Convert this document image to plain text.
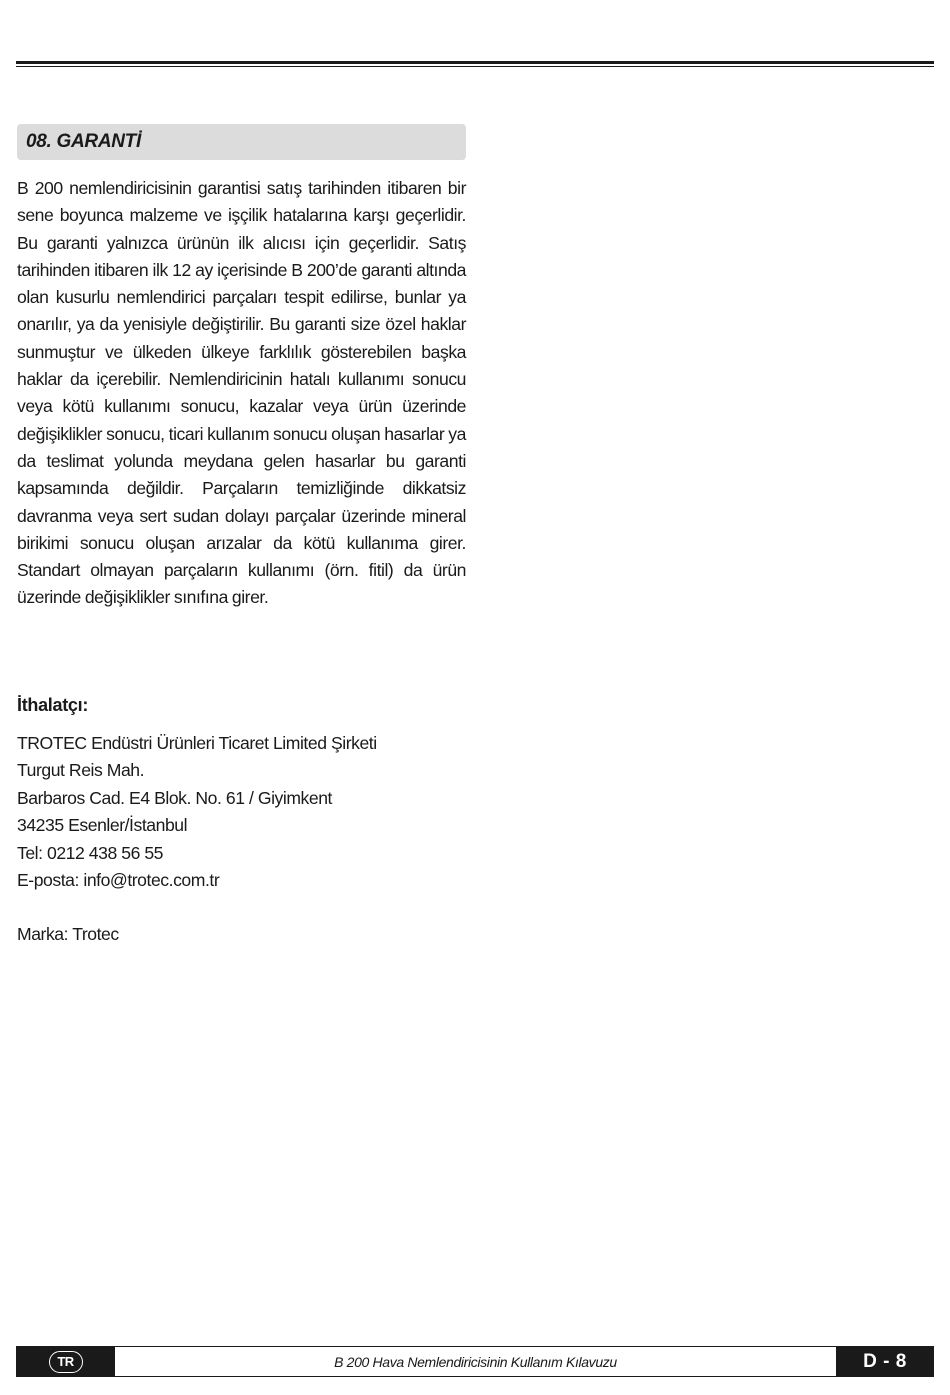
08. GARANTİ

B 200 nemlendiricisinin garantisi satış tarihinden itibaren bir sene boyunca malzeme ve işçilik hatalarına karşı geçerlidir. Bu garanti yalnızca ürünün ilk alıcısı için geçerlidir. Satış tarihinden itibaren ilk 12 ay içerisinde B 200’de garanti altında olan kusurlu nemlendirici parçaları tespit edilirse, bunlar ya onarılır, ya da yenisiyle değiştirilir. Bu garanti size özel haklar sunmuştur ve ülkeden ülkeye farklılık gösterebilen başka haklar da içerebilir. Nemlendiricinin hatalı kullanımı sonucu veya kötü kullanımı sonucu, kazalar veya ürün üzerinde değişiklikler sonucu, ticari kullanım sonucu oluşan hasarlar ya da teslimat yolunda meydana gelen hasarlar bu garanti kapsamında değildir. Parçaların temizliğinde dikkatsiz davranma veya sert sudan dolayı parçalar üzerinde mineral birikimi sonucu oluşan arızalar da kötü kullanıma girer. Standart olmayan parçaların kullanımı (örn. fitil) da ürün üzerinde değişiklikler sınıfına girer.

İthalatçı:

TROTEC Endüstri Ürünleri Ticaret Limited Şirketi
Turgut Reis Mah.
Barbaros Cad. E4 Blok. No. 61 / Giyimkent
34235 Esenler/İstanbul
Tel: 0212 438 56 55
E-posta: info@trotec.com.tr

Marka: Trotec

TR	B 200 Hava Nemlendiricisinin Kullanım Kılavuzu	D - 8
